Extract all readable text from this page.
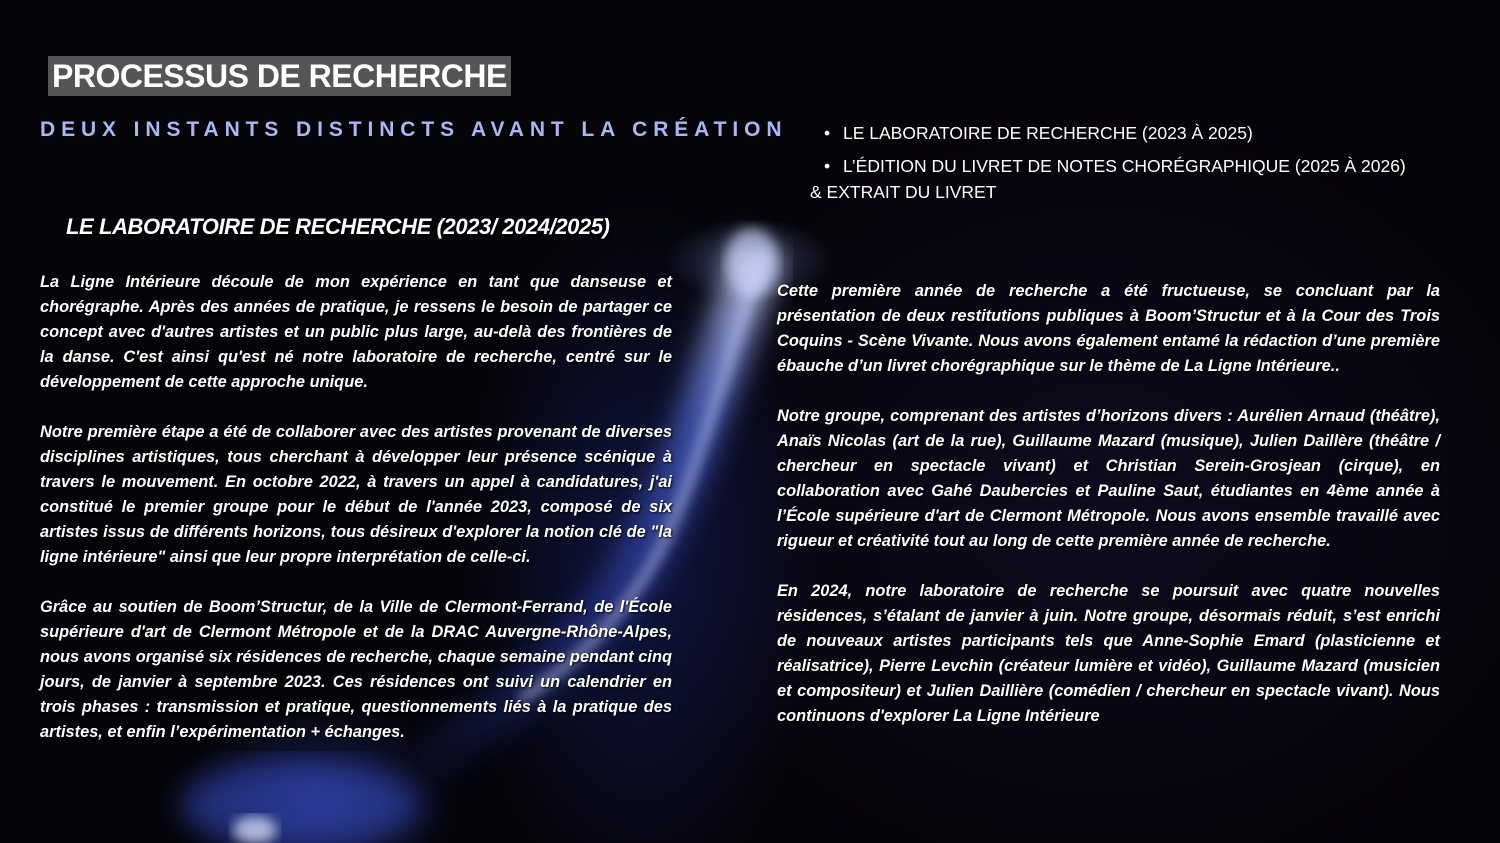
PROCESSUS DE RECHERCHE
DEUX INSTANTS DISTINCTS AVANT LA CRÉATION • LE LABORATOIRE DE RECHERCHE (2023 À 2025)
• L’ÉDITION DU LIVRET DE NOTES CHORÉGRAPHIQUE (2025 À 2026)
& EXTRAIT DU LIVRET
LE LABORATOIRE DE RECHERCHE (2023/ 2024/2025)

La Ligne Intérieure découle de mon expérience en tant que danseuse et chorégraphe. Après des années de pratique, je ressens le besoin de partager ce concept avec d'autres artistes et un public plus large, au-delà des frontières de la danse. C'est ainsi qu'est né notre laboratoire de recherche, centré sur le développement de cette approche unique.

Notre première étape a été de collaborer avec des artistes provenant de diverses disciplines artistiques, tous cherchant à développer leur présence scénique à travers le mouvement. En octobre 2022, à travers un appel à candidatures, j'ai constitué le premier groupe pour le début de l'année 2023, composé de six artistes issus de différents horizons, tous désireux d'explorer la notion clé de "la ligne intérieure" ainsi que leur propre interprétation de celle-ci.

Grâce au soutien de Boom’Structur, de la Ville de Clermont-Ferrand, de l'École supérieure d'art de Clermont Métropole et de la DRAC Auvergne-Rhône-Alpes, nous avons organisé six résidences de recherche, chaque semaine pendant cinq jours, de janvier à septembre 2023. Ces résidences ont suivi un calendrier en trois phases : transmission et pratique, questionnements liés à la pratique des artistes, et enfin l’expérimentation + échanges.

Cette première année de recherche a été fructueuse, se concluant par la présentation de deux restitutions publiques à Boom’Structur et à la Cour des Trois Coquins - Scène Vivante. Nous avons également entamé la rédaction d’une première ébauche d’un livret chorégraphique sur le thème de La Ligne Intérieure..

Notre groupe, comprenant des artistes d’horizons divers : Aurélien Arnaud (théâtre), Anaïs Nicolas (art de la rue), Guillaume Mazard (musique), Julien Daillère (théâtre / chercheur en spectacle vivant) et Christian Serein-Grosjean (cirque), en collaboration avec Gahé Daubercies et Pauline Saut, étudiantes en 4ème année à l’École supérieure d'art de Clermont Métropole. Nous avons ensemble travaillé avec rigueur et créativité tout au long de cette première année de recherche.

En 2024, notre laboratoire de recherche se poursuit avec quatre nouvelles résidences, s’étalant de janvier à juin. Notre groupe, désormais réduit, s’est enrichi de nouveaux artistes participants tels que Anne-Sophie Emard (plasticienne et réalisatrice), Pierre Levchin (créateur lumière et vidéo), Guillaume Mazard (musicien et compositeur) et Julien Daillière (comédien / chercheur en spectacle vivant). Nous continuons d'explorer La Ligne Intérieure
